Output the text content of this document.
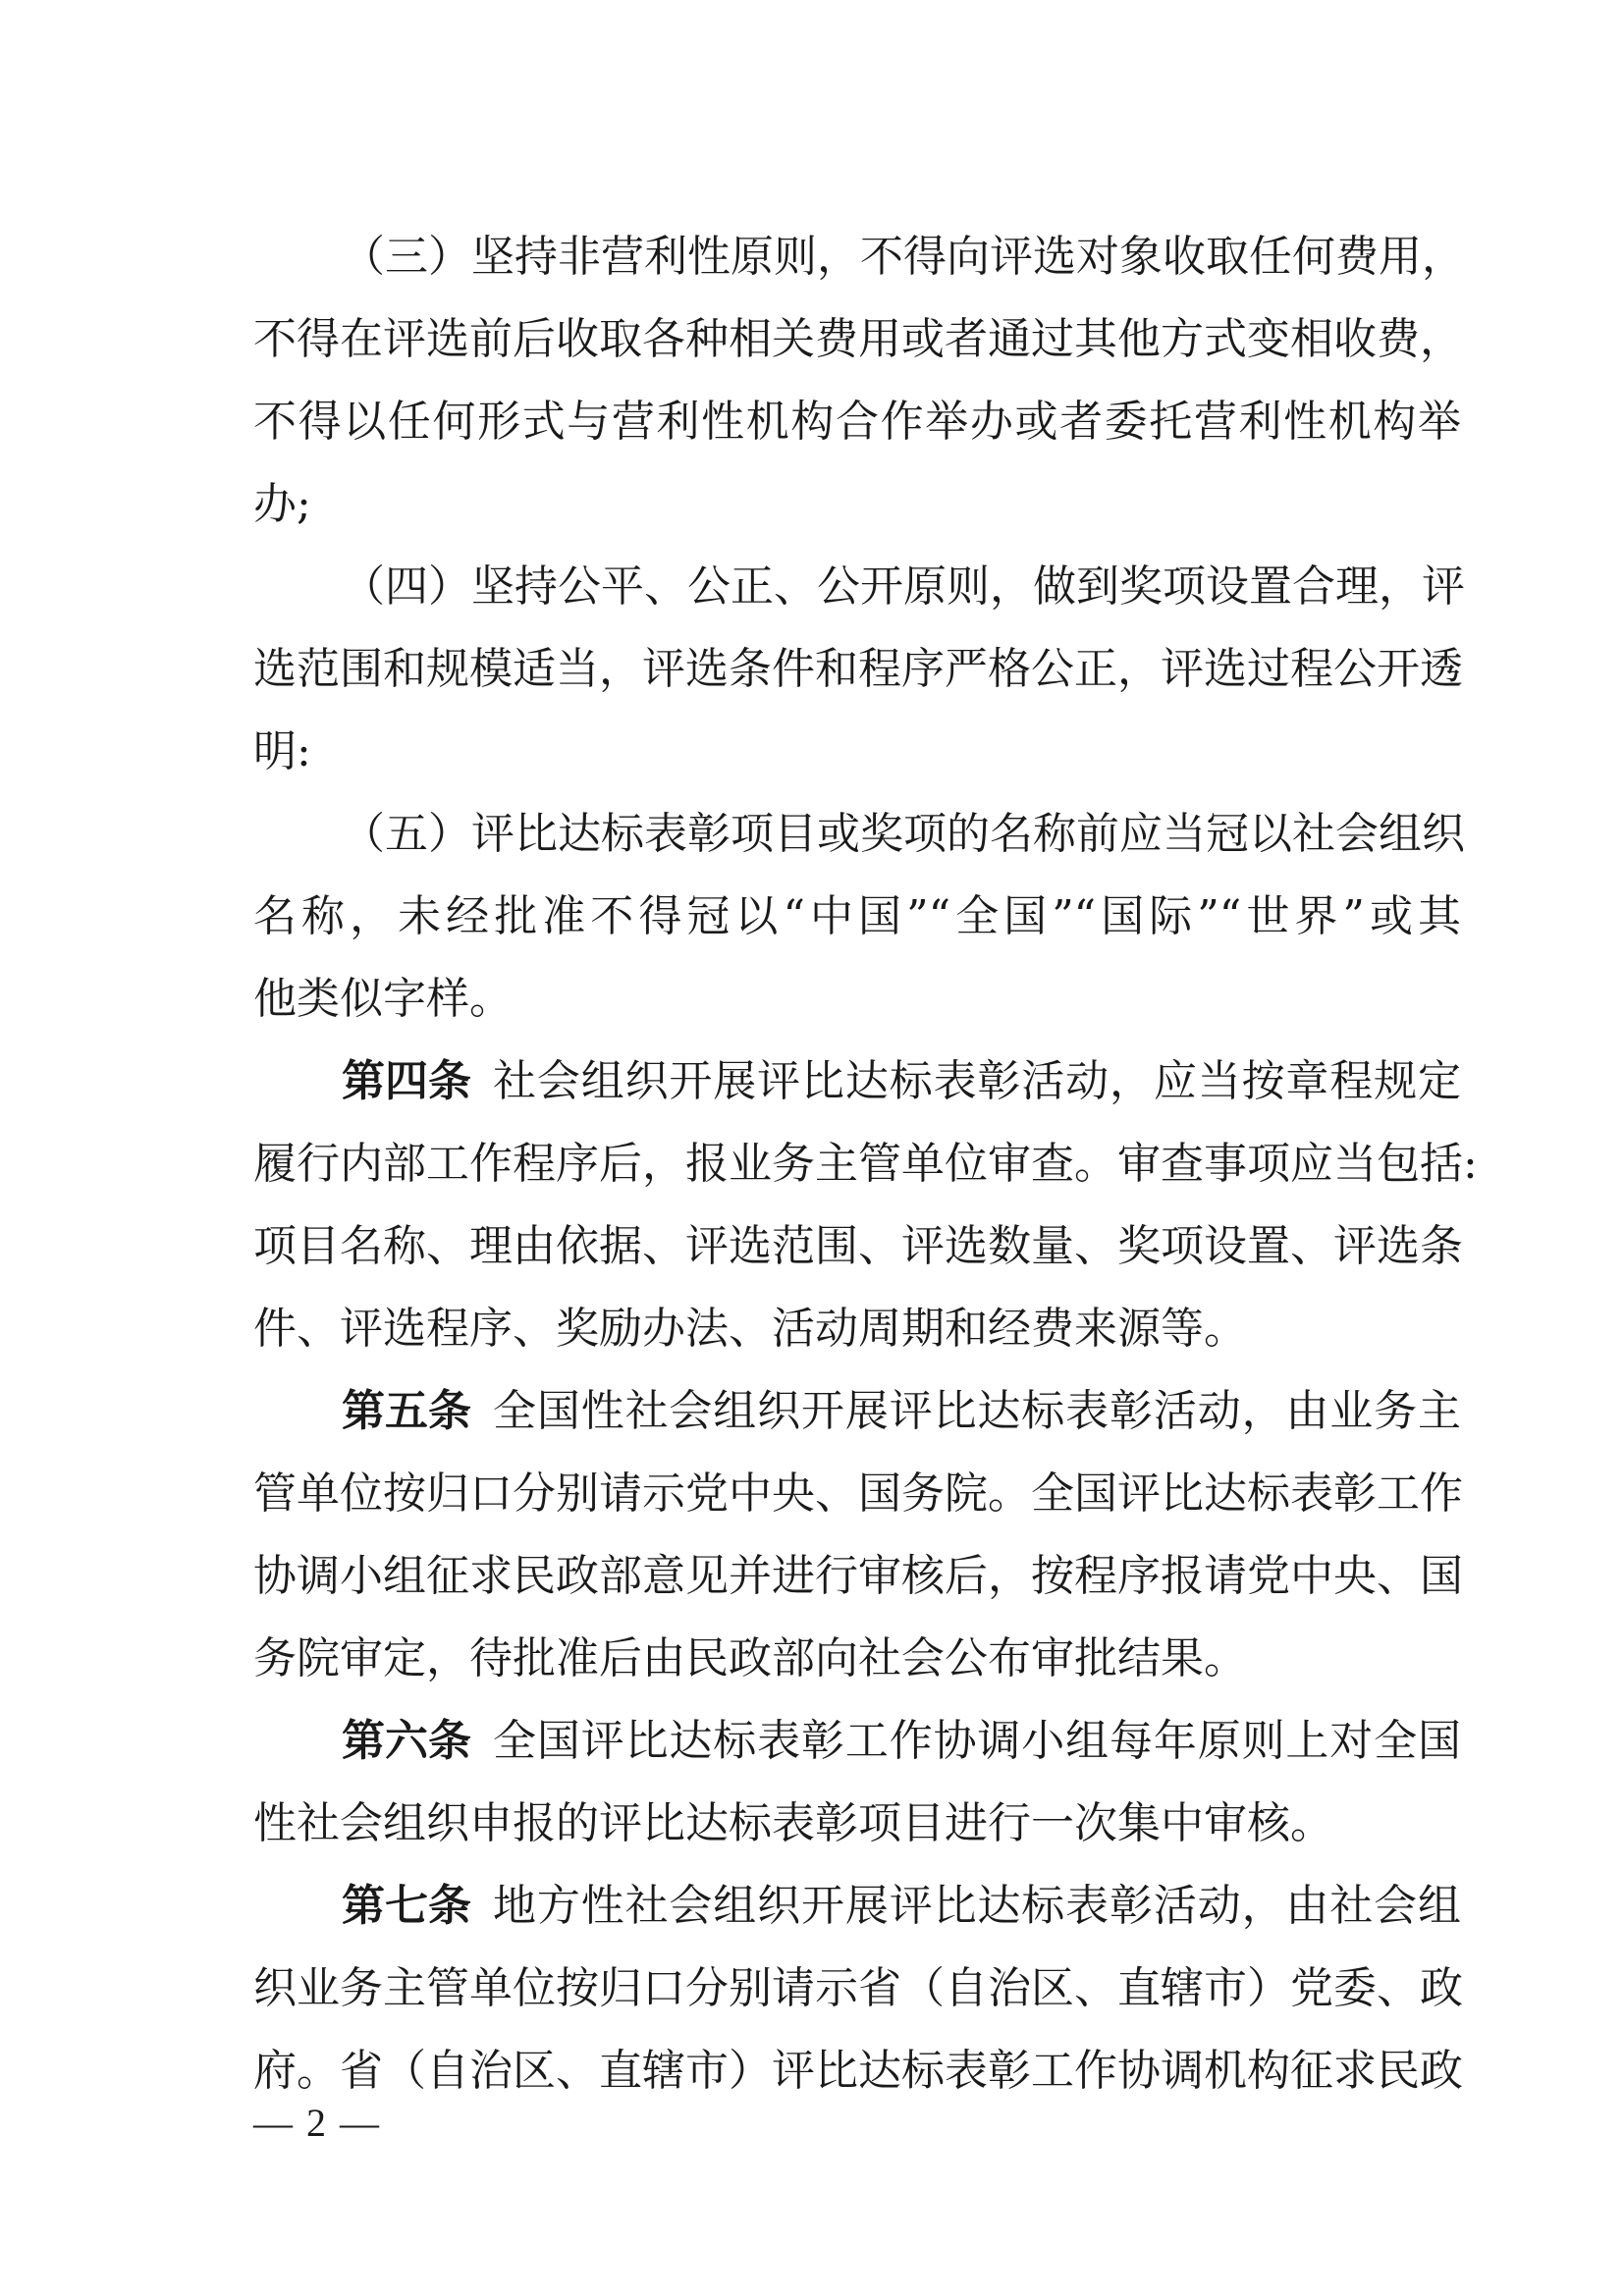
（三）坚持非营利性原则，不得向评选对象收取任何费用，
不得在评选前后收取各种相关费用或者通过其他方式变相收费，
不得以任何形式与营利性机构合作举办或者委托营利性机构举
办;
（四）坚持公平、公正、公开原则，做到奖项设置合理，评
选范围和规模适当，评选条件和程序严格公正，评选过程公开透
明:
（五）评比达标表彰项目或奖项的名称前应当冠以社会组织
名称，未经批准不得冠以“中国”“全国”“国际”“世界”或其
他类似字样。
第四条 社会组织开展评比达标表彰活动，应当按章程规定
履行内部工作程序后，报业务主管单位审查。审查事项应当包括:
项目名称、理由依据、评选范围、评选数量、奖项设置、评选条
件、评选程序、奖励办法、活动周期和经费来源等。
第五条 全国性社会组织开展评比达标表彰活动，由业务主
管单位按归口分别请示党中央、国务院。全国评比达标表彰工作
协调小组征求民政部意见并进行审核后，按程序报请党中央、国
务院审定，待批准后由民政部向社会公布审批结果。
第六条 全国评比达标表彰工作协调小组每年原则上对全国
性社会组织申报的评比达标表彰项目进行一次集中审核。
第七条 地方性社会组织开展评比达标表彰活动，由社会组
织业务主管单位按归口分别请示省（自治区、直辖市）党委、政
府。省（自治区、直辖市）评比达标表彰工作协调机构征求民政
— 2 —
